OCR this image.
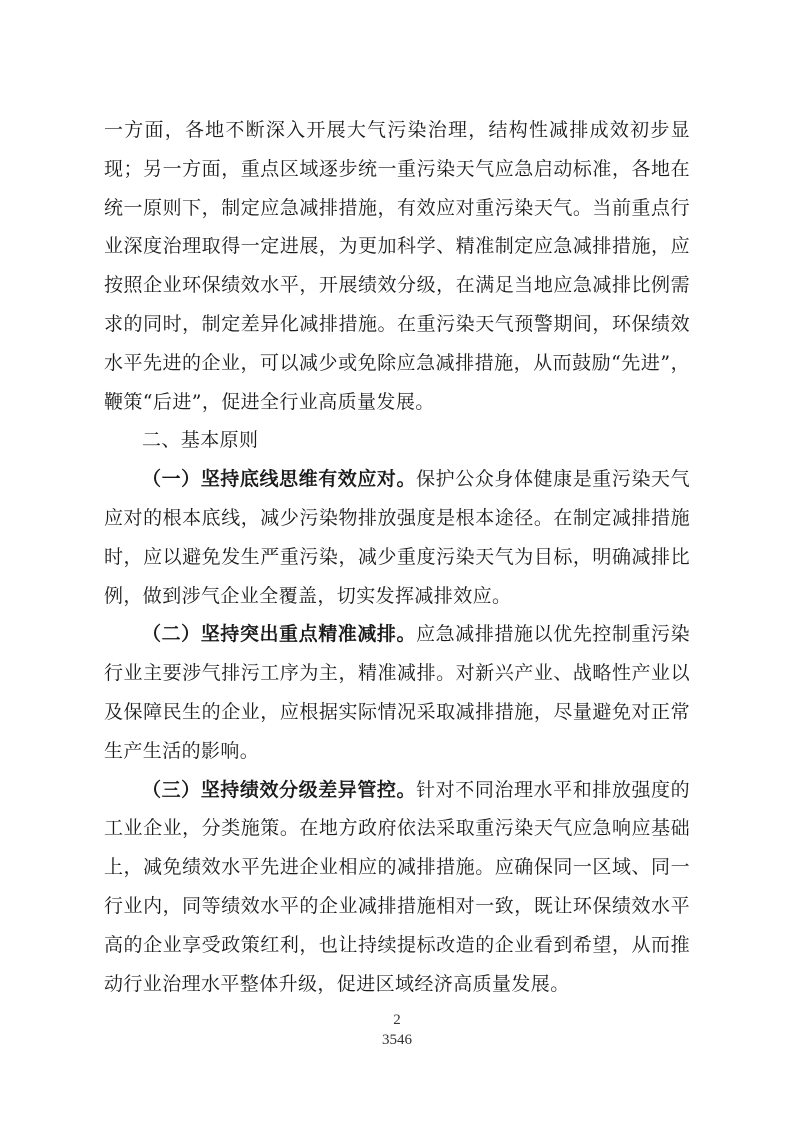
一方面，各地不断深入开展大气污染治理，结构性减排成效初步显现；另一方面，重点区域逐步统一重污染天气应急启动标准，各地在统一原则下，制定应急减排措施，有效应对重污染天气。当前重点行业深度治理取得一定进展，为更加科学、精准制定应急减排措施，应按照企业环保绩效水平，开展绩效分级，在满足当地应急减排比例需求的同时，制定差异化减排措施。在重污染天气预警期间，环保绩效水平先进的企业，可以减少或免除应急减排措施，从而鼓励“先进”，鞭策“后进”，促进全行业高质量发展。

二、基本原则

（一）坚持底线思维有效应对。保护公众身体健康是重污染天气应对的根本底线，减少污染物排放强度是根本途径。在制定减排措施时，应以避免发生严重污染，减少重度污染天气为目标，明确减排比例，做到涉气企业全覆盖，切实发挥减排效应。

（二）坚持突出重点精准减排。应急减排措施以优先控制重污染行业主要涉气排污工序为主，精准减排。对新兴产业、战略性产业以及保障民生的企业，应根据实际情况采取减排措施，尽量避免对正常生产生活的影响。

（三）坚持绩效分级差异管控。针对不同治理水平和排放强度的工业企业，分类施策。在地方政府依法采取重污染天气应急响应基础上，减免绩效水平先进企业相应的减排措施。应确保同一区域、同一行业内，同等绩效水平的企业减排措施相对一致，既让环保绩效水平高的企业享受政策红利，也让持续提标改造的企业看到希望，从而推动行业治理水平整体升级，促进区域经济高质量发展。

2
3546
